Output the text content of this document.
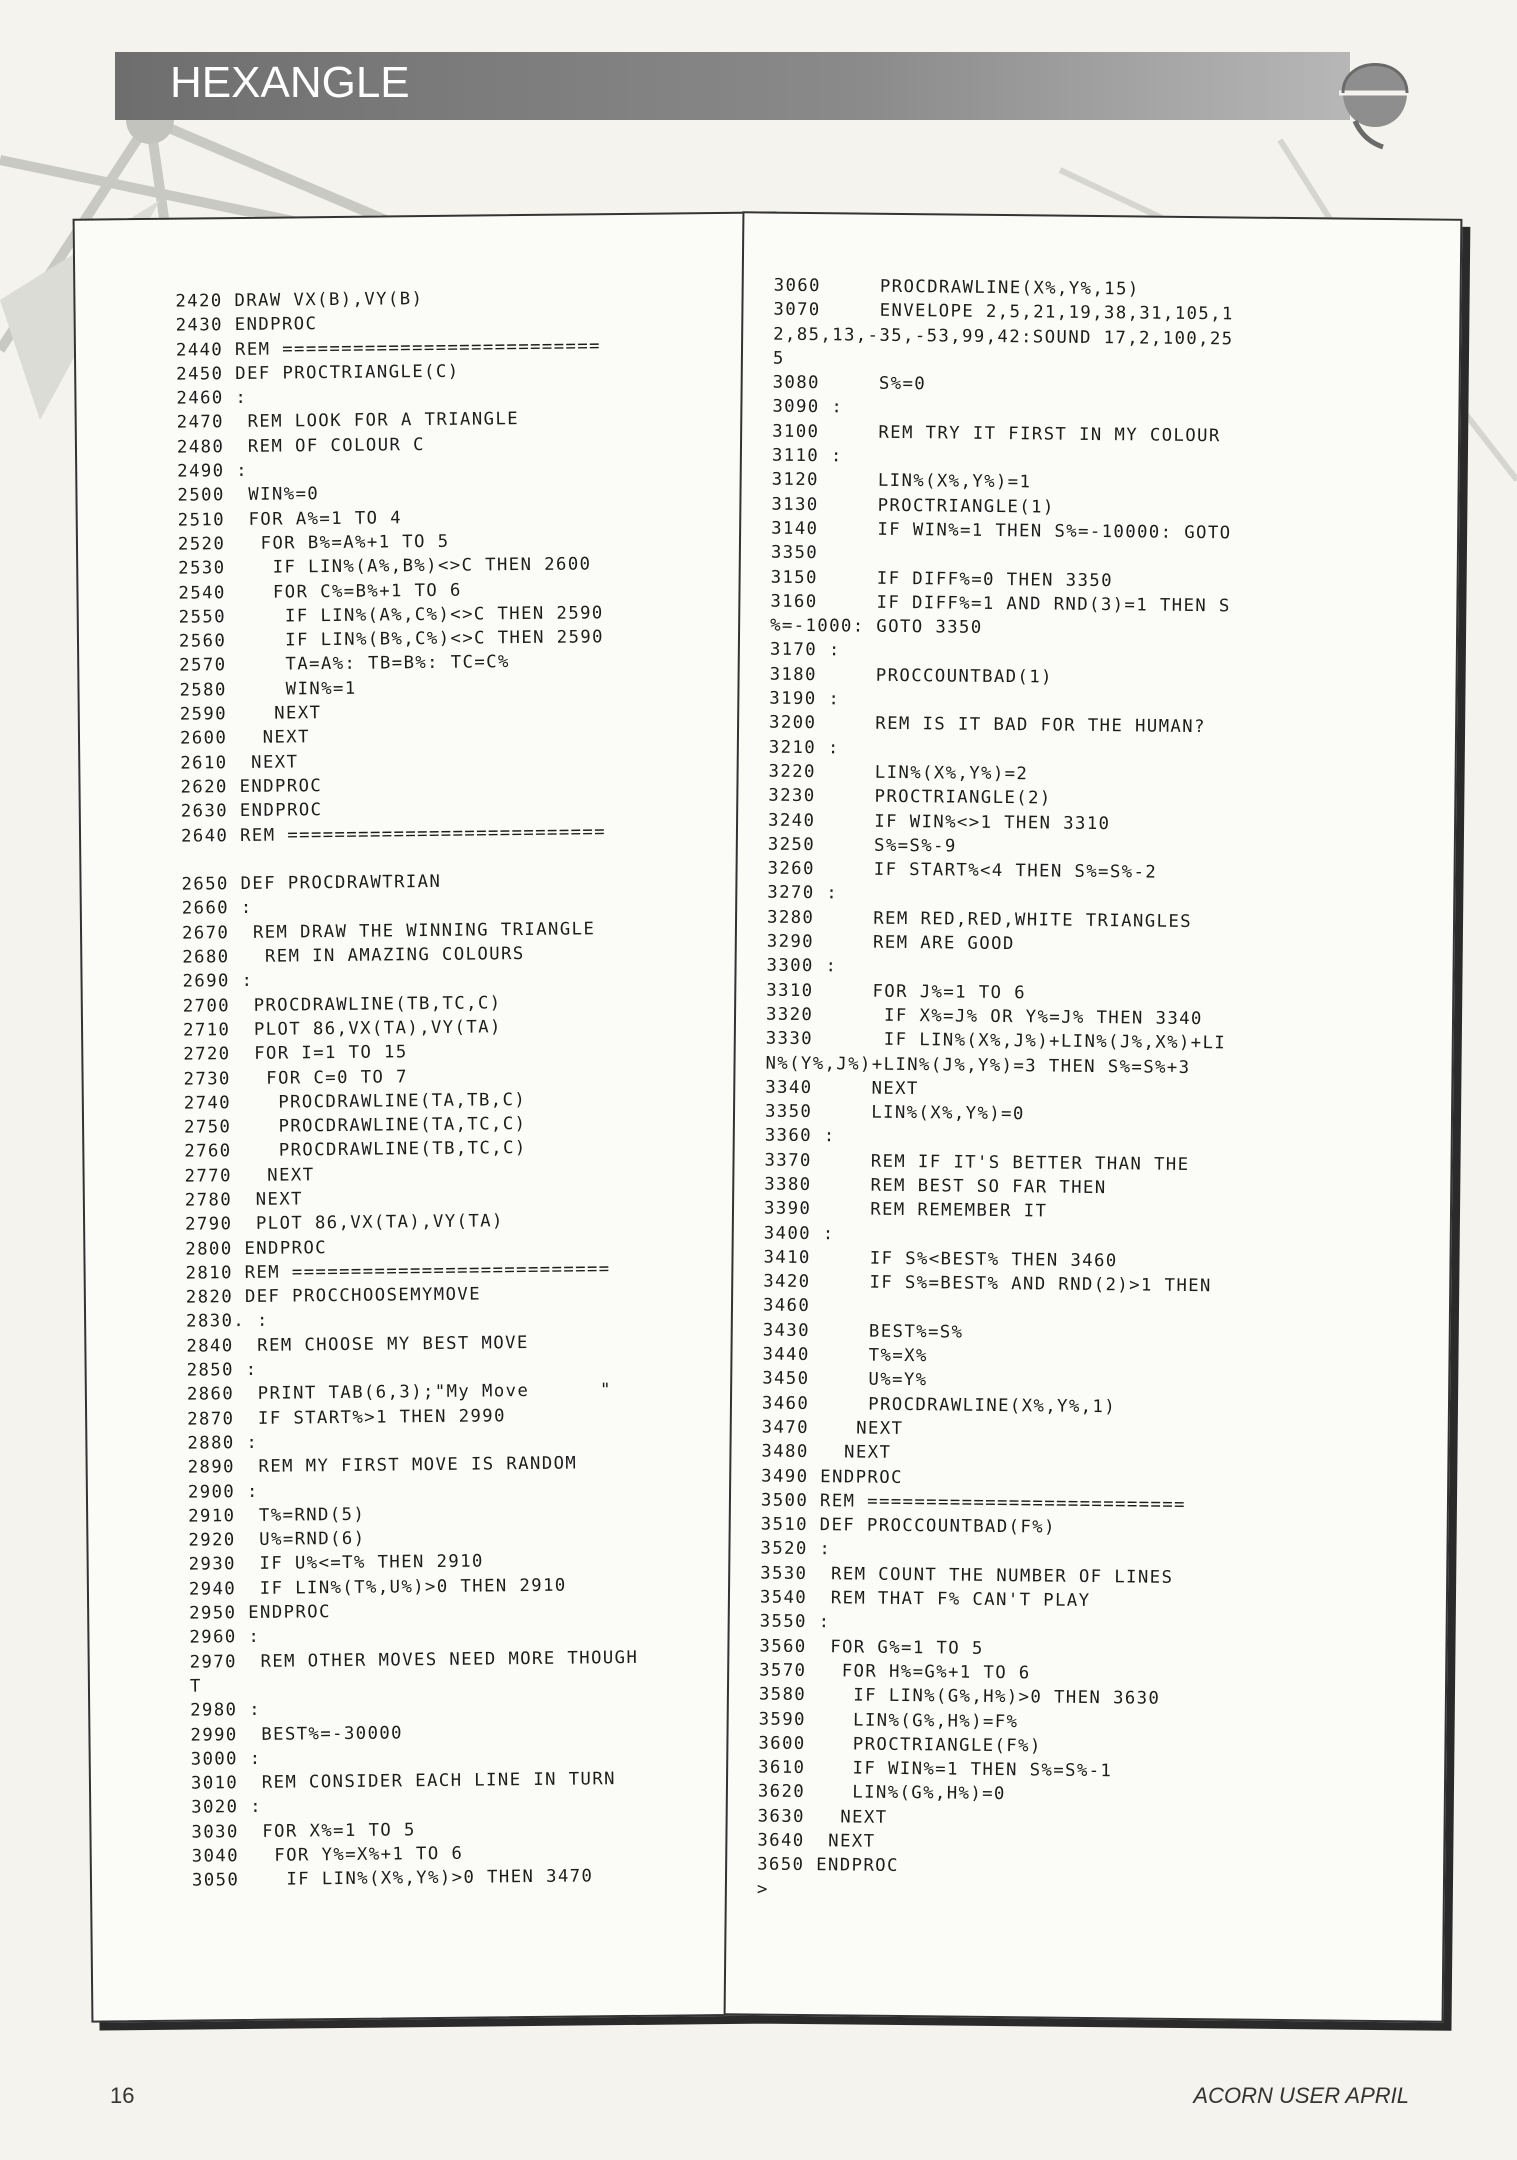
HEXANGLE
2420 DRAW VX(B),VY(B)
2430 ENDPROC
2440 REM ===========================
2450 DEF PROCTRIANGLE(C)
2460 :
2470  REM LOOK FOR A TRIANGLE
2480  REM OF COLOUR C
2490 :
2500  WIN%=0
2510  FOR A%=1 TO 4
2520   FOR B%=A%+1 TO 5
2530    IF LIN%(A%,B%)<>C THEN 2600
2540    FOR C%=B%+1 TO 6
2550     IF LIN%(A%,C%)<>C THEN 2590
2560     IF LIN%(B%,C%)<>C THEN 2590
2570     TA=A%: TB=B%: TC=C%
2580     WIN%=1
2590    NEXT
2600   NEXT
2610  NEXT
2620 ENDPROC
2630 ENDPROC
2640 REM ===========================
2650 DEF PROCDRAWTRIAN
2660 :
2670  REM DRAW THE WINNING TRIANGLE
2680   REM IN AMAZING COLOURS
2690 :
2700  PROCDRAWLINE(TB,TC,C)
2710  PLOT 86,VX(TA),VY(TA)
2720  FOR I=1 TO 15
2730   FOR C=0 TO 7
2740    PROCDRAWLINE(TA,TB,C)
2750    PROCDRAWLINE(TA,TC,C)
2760    PROCDRAWLINE(TB,TC,C)
2770   NEXT
2780  NEXT
2790  PLOT 86,VX(TA),VY(TA)
2800 ENDPROC
2810 REM ===========================
2820 DEF PROCCHOOSEMYMOVE
2830. :
2840  REM CHOOSE MY BEST MOVE
2850 :
2860  PRINT TAB(6,3);"My Move      "
2870  IF START%>1 THEN 2990
2880 :
2890  REM MY FIRST MOVE IS RANDOM
2900 :
2910  T%=RND(5)
2920  U%=RND(6)
2930  IF U%<=T% THEN 2910
2940  IF LIN%(T%,U%)>0 THEN 2910
2950 ENDPROC
2960 :
2970  REM OTHER MOVES NEED MORE THOUGH
T
2980 :
2990  BEST%=-30000
3000 :
3010  REM CONSIDER EACH LINE IN TURN
3020 :
3030  FOR X%=1 TO 5
3040   FOR Y%=X%+1 TO 6
3050    IF LIN%(X%,Y%)>0 THEN 3470
3060     PROCDRAWLINE(X%,Y%,15)
3070     ENVELOPE 2,5,21,19,38,31,105,1
2,85,13,-35,-53,99,42:SOUND 17,2,100,25
5
3080     S%=0
3090 :
3100     REM TRY IT FIRST IN MY COLOUR
3110 :
3120     LIN%(X%,Y%)=1
3130     PROCTRIANGLE(1)
3140     IF WIN%=1 THEN S%=-10000: GOTO
3350
3150     IF DIFF%=0 THEN 3350
3160     IF DIFF%=1 AND RND(3)=1 THEN S
%=-1000: GOTO 3350
3170 :
3180     PROCCOUNTBAD(1)
3190 :
3200     REM IS IT BAD FOR THE HUMAN?
3210 :
3220     LIN%(X%,Y%)=2
3230     PROCTRIANGLE(2)
3240     IF WIN%<>1 THEN 3310
3250     S%=S%-9
3260     IF START%<4 THEN S%=S%-2
3270 :
3280     REM RED,RED,WHITE TRIANGLES
3290     REM ARE GOOD
3300 :
3310     FOR J%=1 TO 6
3320      IF X%=J% OR Y%=J% THEN 3340
3330      IF LIN%(X%,J%)+LIN%(J%,X%)+LI
N%(Y%,J%)+LIN%(J%,Y%)=3 THEN S%=S%+3
3340     NEXT
3350     LIN%(X%,Y%)=0
3360 :
3370     REM IF IT'S BETTER THAN THE
3380     REM BEST SO FAR THEN
3390     REM REMEMBER IT
3400 :
3410     IF S%<BEST% THEN 3460
3420     IF S%=BEST% AND RND(2)>1 THEN
3460
3430     BEST%=S%
3440     T%=X%
3450     U%=Y%
3460     PROCDRAWLINE(X%,Y%,1)
3470    NEXT
3480   NEXT
3490 ENDPROC
3500 REM ===========================
3510 DEF PROCCOUNTBAD(F%)
3520 :
3530  REM COUNT THE NUMBER OF LINES
3540  REM THAT F% CAN'T PLAY
3550 :
3560  FOR G%=1 TO 5
3570   FOR H%=G%+1 TO 6
3580    IF LIN%(G%,H%)>0 THEN 3630
3590    LIN%(G%,H%)=F%
3600    PROCTRIANGLE(F%)
3610    IF WIN%=1 THEN S%=S%-1
3620    LIN%(G%,H%)=0
3630   NEXT
3640  NEXT
3650 ENDPROC
>
16	ACORN USER APRIL
